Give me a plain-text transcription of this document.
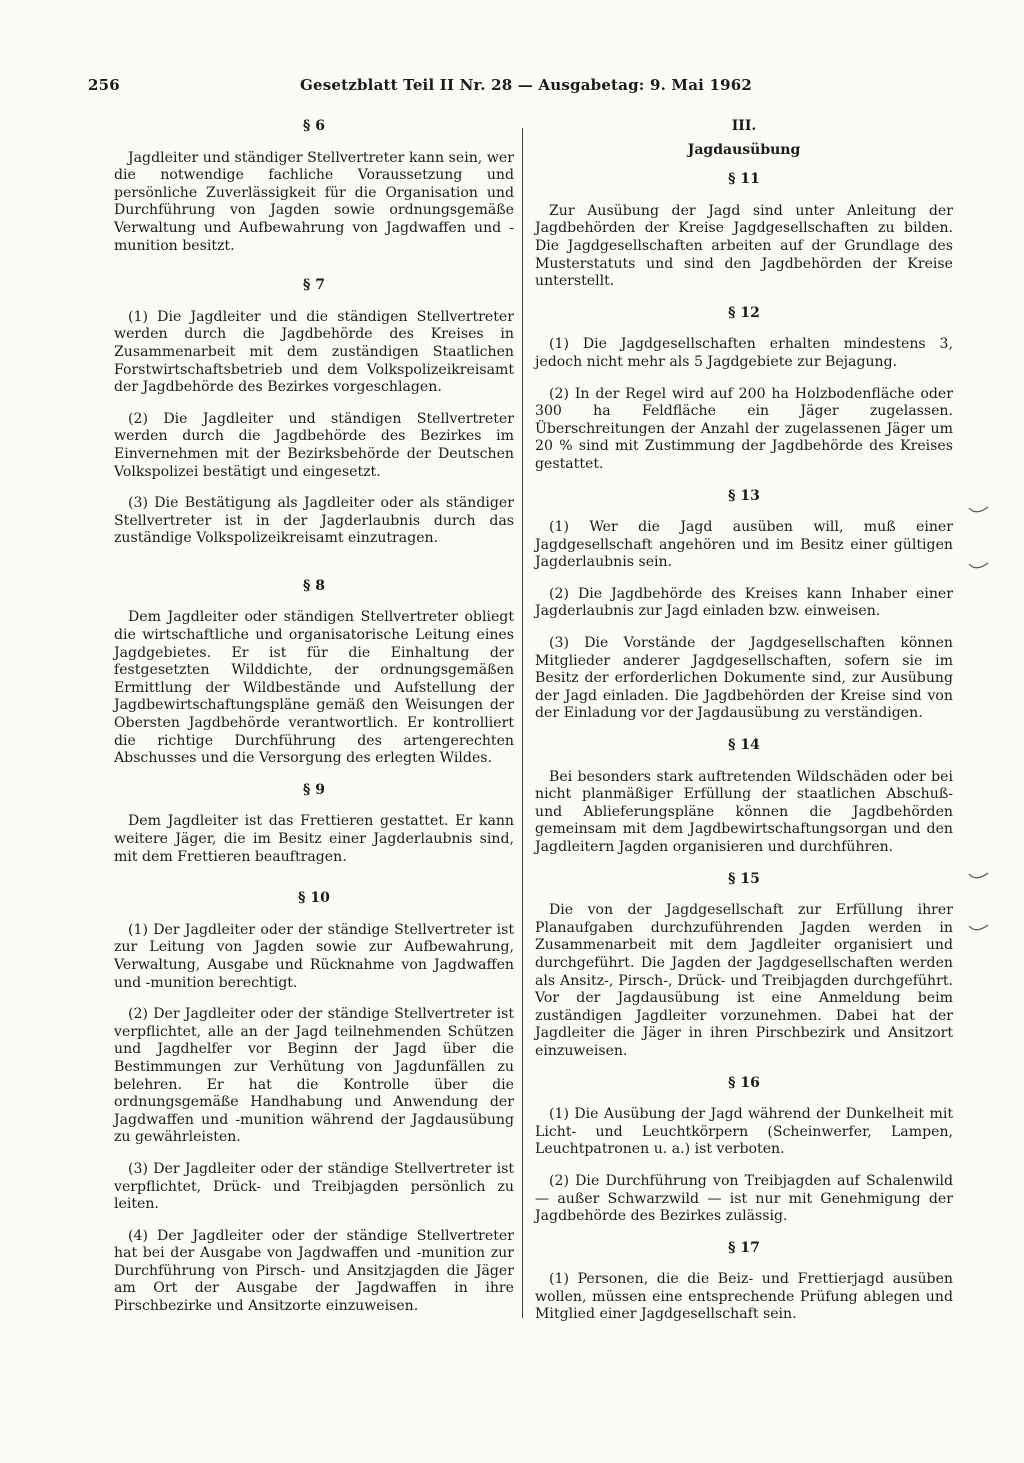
256	Gesetzblatt Teil II Nr. 28 — Ausgabetag: 9. Mai 1962
§ 6

Jagdleiter und ständiger Stellvertreter kann sein, wer die notwendige fachliche Voraussetzung und persönliche Zuverlässigkeit für die Organisation und Durchführung von Jagden sowie ordnungsgemäße Verwaltung und Aufbewahrung von Jagdwaffen und -munition besitzt.

§ 7

(1) Die Jagdleiter und die ständigen Stellvertreter werden durch die Jagdbehörde des Kreises in Zusammenarbeit mit dem zuständigen Staatlichen Forstwirtschaftsbetrieb und dem Volkspolizeikreisamt der Jagdbehörde des Bezirkes vorgeschlagen.

(2) Die Jagdleiter und ständigen Stellvertreter werden durch die Jagdbehörde des Bezirkes im Einvernehmen mit der Bezirksbehörde der Deutschen Volkspolizei bestätigt und eingesetzt.

(3) Die Bestätigung als Jagdleiter oder als ständiger Stellvertreter ist in der Jagderlaubnis durch das zuständige Volkspolizeikreisamt einzutragen.

§ 8

Dem Jagdleiter oder ständigen Stellvertreter obliegt die wirtschaftliche und organisatorische Leitung eines Jagdgebietes. Er ist für die Einhaltung der festgesetzten Wilddichte, der ordnungsgemäßen Ermittlung der Wildbestände und Aufstellung der Jagdbewirtschaftungspläne gemäß den Weisungen der Obersten Jagdbehörde verantwortlich. Er kontrolliert die richtige Durchführung des artengerechten Abschusses und die Versorgung des erlegten Wildes.

§ 9

Dem Jagdleiter ist das Frettieren gestattet. Er kann weitere Jäger, die im Besitz einer Jagderlaubnis sind, mit dem Frettieren beauftragen.

§ 10

(1) Der Jagdleiter oder der ständige Stellvertreter ist zur Leitung von Jagden sowie zur Aufbewahrung, Verwaltung, Ausgabe und Rücknahme von Jagdwaffen und -munition berechtigt.

(2) Der Jagdleiter oder der ständige Stellvertreter ist verpflichtet, alle an der Jagd teilnehmenden Schützen und Jagdhelfer vor Beginn der Jagd über die Bestimmungen zur Verhütung von Jagdunfällen zu belehren. Er hat die Kontrolle über die ordnungsgemäße Handhabung und Anwendung der Jagdwaffen und -munition während der Jagdausübung zu gewährleisten.

(3) Der Jagdleiter oder der ständige Stellvertreter ist verpflichtet, Drück- und Treibjagden persönlich zu leiten.

(4) Der Jagdleiter oder der ständige Stellvertreter hat bei der Ausgabe von Jagdwaffen und -munition zur Durchführung von Pirsch- und Ansitzjagden die Jäger am Ort der Ausgabe der Jagdwaffen in ihre Pirschbezirke und Ansitzorte einzuweisen.

III.
Jagdausübung
§ 11

Zur Ausübung der Jagd sind unter Anleitung der Jagdbehörden der Kreise Jagdgesellschaften zu bilden. Die Jagdgesellschaften arbeiten auf der Grundlage des Musterstatuts und sind den Jagdbehörden der Kreise unterstellt.

§ 12

(1) Die Jagdgesellschaften erhalten mindestens 3, jedoch nicht mehr als 5 Jagdgebiete zur Bejagung.

(2) In der Regel wird auf 200 ha Holzbodenfläche oder 300 ha Feldfläche ein Jäger zugelassen. Überschreitungen der Anzahl der zugelassenen Jäger um 20 % sind mit Zustimmung der Jagdbehörde des Kreises gestattet.

§ 13

(1) Wer die Jagd ausüben will, muß einer Jagdgesellschaft angehören und im Besitz einer gültigen Jagderlaubnis sein.

(2) Die Jagdbehörde des Kreises kann Inhaber einer Jagderlaubnis zur Jagd einladen bzw. einweisen.

(3) Die Vorstände der Jagdgesellschaften können Mitglieder anderer Jagdgesellschaften, sofern sie im Besitz der erforderlichen Dokumente sind, zur Ausübung der Jagd einladen. Die Jagdbehörden der Kreise sind von der Einladung vor der Jagdausübung zu verständigen.

§ 14

Bei besonders stark auftretenden Wildschäden oder bei nicht planmäßiger Erfüllung der staatlichen Abschuß- und Ablieferungspläne können die Jagdbehörden gemeinsam mit dem Jagdbewirtschaftungsorgan und den Jagdleitern Jagden organisieren und durchführen.

§ 15

Die von der Jagdgesellschaft zur Erfüllung ihrer Planaufgaben durchzuführenden Jagden werden in Zusammenarbeit mit dem Jagdleiter organisiert und durchgeführt. Die Jagden der Jagdgesellschaften werden als Ansitz-, Pirsch-, Drück- und Treibjagden durchgeführt. Vor der Jagdausübung ist eine Anmeldung beim zuständigen Jagdleiter vorzunehmen. Dabei hat der Jagdleiter die Jäger in ihren Pirschbezirk und Ansitzort einzuweisen.

§ 16

(1) Die Ausübung der Jagd während der Dunkelheit mit Licht- und Leuchtkörpern (Scheinwerfer, Lampen, Leuchtpatronen u. a.) ist verboten.

(2) Die Durchführung von Treibjagden auf Schalenwild — außer Schwarzwild — ist nur mit Genehmigung der Jagdbehörde des Bezirkes zulässig.

§ 17

(1) Personen, die die Beiz- und Frettierjagd ausüben wollen, müssen eine entsprechende Prüfung ablegen und Mitglied einer Jagdgesellschaft sein.
